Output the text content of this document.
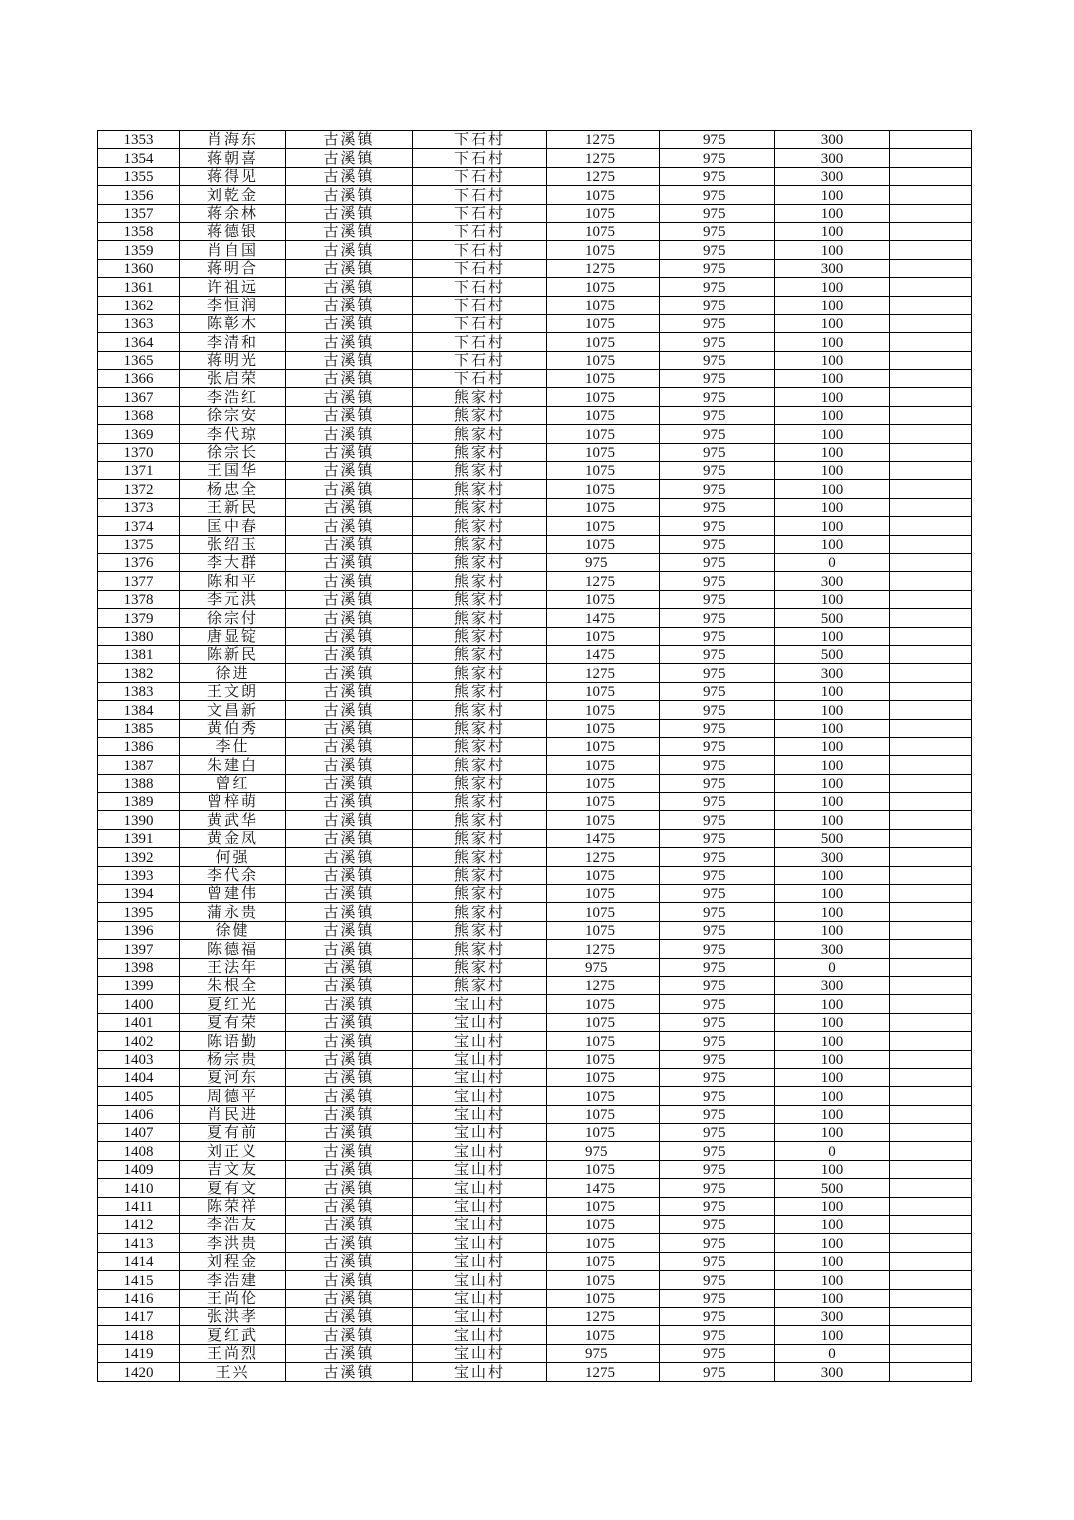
1353	肖海东	古溪镇	下石村	1275	975	300	
1354	蒋朝喜	古溪镇	下石村	1275	975	300	
1355	蒋得见	古溪镇	下石村	1275	975	300	
1356	刘乾金	古溪镇	下石村	1075	975	100	
1357	蒋余林	古溪镇	下石村	1075	975	100	
1358	蒋德银	古溪镇	下石村	1075	975	100	
1359	肖自国	古溪镇	下石村	1075	975	100	
1360	蒋明合	古溪镇	下石村	1275	975	300	
1361	许祖远	古溪镇	下石村	1075	975	100	
1362	李恒润	古溪镇	下石村	1075	975	100	
1363	陈彰木	古溪镇	下石村	1075	975	100	
1364	李清和	古溪镇	下石村	1075	975	100	
1365	蒋明光	古溪镇	下石村	1075	975	100	
1366	张启荣	古溪镇	下石村	1075	975	100	
1367	李浩红	古溪镇	熊家村	1075	975	100	
1368	徐宗安	古溪镇	熊家村	1075	975	100	
1369	李代琼	古溪镇	熊家村	1075	975	100	
1370	徐宗长	古溪镇	熊家村	1075	975	100	
1371	王国华	古溪镇	熊家村	1075	975	100	
1372	杨忠全	古溪镇	熊家村	1075	975	100	
1373	王新民	古溪镇	熊家村	1075	975	100	
1374	匡中春	古溪镇	熊家村	1075	975	100	
1375	张绍玉	古溪镇	熊家村	1075	975	100	
1376	李大群	古溪镇	熊家村	975	975	0	
1377	陈和平	古溪镇	熊家村	1275	975	300	
1378	李元洪	古溪镇	熊家村	1075	975	100	
1379	徐宗付	古溪镇	熊家村	1475	975	500	
1380	唐显锭	古溪镇	熊家村	1075	975	100	
1381	陈新民	古溪镇	熊家村	1475	975	500	
1382	徐进	古溪镇	熊家村	1275	975	300	
1383	王文朗	古溪镇	熊家村	1075	975	100	
1384	文昌新	古溪镇	熊家村	1075	975	100	
1385	黄伯秀	古溪镇	熊家村	1075	975	100	
1386	李仕	古溪镇	熊家村	1075	975	100	
1387	朱建白	古溪镇	熊家村	1075	975	100	
1388	曾红	古溪镇	熊家村	1075	975	100	
1389	曾梓萌	古溪镇	熊家村	1075	975	100	
1390	黄武华	古溪镇	熊家村	1075	975	100	
1391	黄金凤	古溪镇	熊家村	1475	975	500	
1392	何强	古溪镇	熊家村	1275	975	300	
1393	李代余	古溪镇	熊家村	1075	975	100	
1394	曾建伟	古溪镇	熊家村	1075	975	100	
1395	蒲永贵	古溪镇	熊家村	1075	975	100	
1396	徐健	古溪镇	熊家村	1075	975	100	
1397	陈德福	古溪镇	熊家村	1275	975	300	
1398	王法年	古溪镇	熊家村	975	975	0	
1399	朱根全	古溪镇	熊家村	1275	975	300	
1400	夏红光	古溪镇	宝山村	1075	975	100	
1401	夏有荣	古溪镇	宝山村	1075	975	100	
1402	陈语勤	古溪镇	宝山村	1075	975	100	
1403	杨宗贵	古溪镇	宝山村	1075	975	100	
1404	夏河东	古溪镇	宝山村	1075	975	100	
1405	周德平	古溪镇	宝山村	1075	975	100	
1406	肖民进	古溪镇	宝山村	1075	975	100	
1407	夏有前	古溪镇	宝山村	1075	975	100	
1408	刘正义	古溪镇	宝山村	975	975	0	
1409	吉文友	古溪镇	宝山村	1075	975	100	
1410	夏有文	古溪镇	宝山村	1475	975	500	
1411	陈荣祥	古溪镇	宝山村	1075	975	100	
1412	李浩友	古溪镇	宝山村	1075	975	100	
1413	李洪贵	古溪镇	宝山村	1075	975	100	
1414	刘程金	古溪镇	宝山村	1075	975	100	
1415	李浩建	古溪镇	宝山村	1075	975	100	
1416	王尚伦	古溪镇	宝山村	1075	975	100	
1417	张洪孝	古溪镇	宝山村	1275	975	300	
1418	夏红武	古溪镇	宝山村	1075	975	100	
1419	王尚烈	古溪镇	宝山村	975	975	0	
1420	王兴	古溪镇	宝山村	1275	975	300	
